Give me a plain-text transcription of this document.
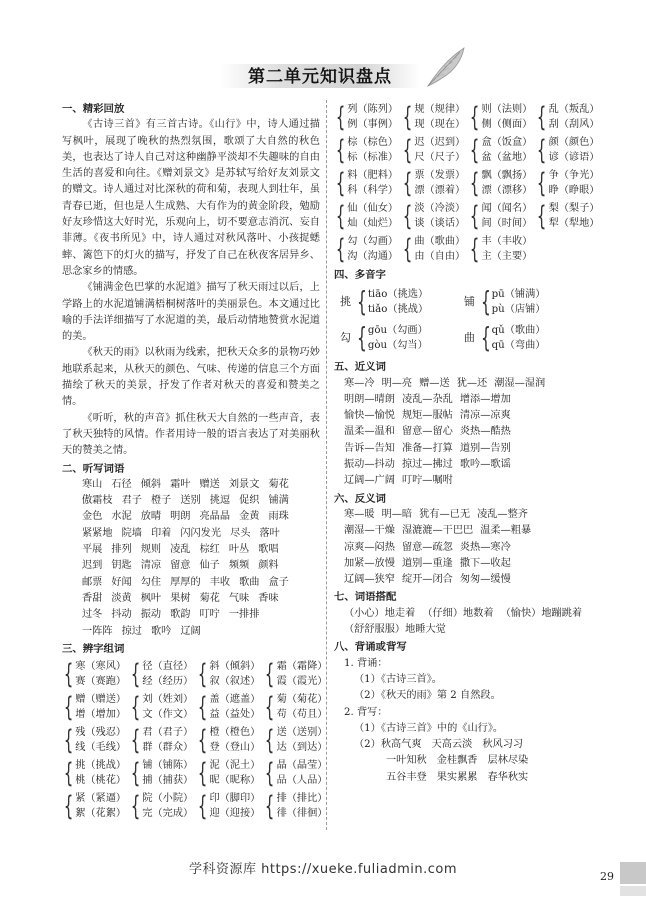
第二单元知识盘点
一、精彩回放

《古诗三首》有三首古诗。《山行》中，诗人通过描写枫叶，展现了晚秋的热烈氛围，歌颂了大自然的秋色美，也表达了诗人自己对这种幽静平淡却不失趣味的自由生活的喜爱和向往。《赠刘景文》是苏轼写给好友刘景文的赠文。诗人通过对比深秋的荷和菊，表现人到壮年，虽青春已逝，但也是人生成熟、大有作为的黄金阶段，勉励好友珍惜这大好时光，乐观向上，切不要意志消沉、妄自菲薄。《夜书所见》中，诗人通过对秋风落叶、小孩捉蟋蟀、篱笆下的灯火的描写，抒发了自己在秋夜客居异乡、思念家乡的情感。

《铺满金色巴掌的水泥道》描写了秋天雨过以后，上学路上的水泥道铺满梧桐树落叶的美丽景色。本文通过比喻的手法详细描写了水泥道的美，最后动情地赞赏水泥道的美。

《秋天的雨》以秋雨为线索，把秋天众多的景物巧妙地联系起来，从秋天的颜色、气味、传递的信息三个方面描绘了秋天的美景，抒发了作者对秋天的喜爱和赞美之情。

《听听，秋的声音》抓住秋天大自然的一些声音，表了秋天独特的风情。作者用诗一般的语言表达了对美丽秋天的赞美之情。

二、听写词语
寒山 石径 倾斜 霜叶 赠送 刘景文 菊花
傲霜枝 君子 橙子 送别 挑逗 促织 铺满
金色 水泥 放晴 明朗 亮晶晶 金黄 雨珠
紧紧地 院墙 印着 闪闪发光 尽头 落叶
平展 排列 规则 凌乱 棕红 叶丛 歌唱
迟到 钥匙 清凉 留意 仙子 频频 颜料
邮票 好闻 勾住 厚厚的 丰收 歌曲 盒子
香甜 淡黄 枫叶 果树 菊花 气味 香味
过冬 抖动 振动 歌韵 叮咛 一排排
一阵阵 掠过 歌吟 辽阔
三、辨字组词
{ 寒（寒风）
赛（赛跑） { 径（直径）
经（经历） { 斜（倾斜）
叙（叙述） { 霜（霜降）
霞（霞光）
{ 赠（赠送）
增（增加） { 刘（姓刘）
文（作文） { 盖（遮盖）
益（益处） { 菊（菊花）
苟（苟且）
{ 残（残忍）
线（毛线） { 君（君子）
群（群众） { 橙（橙色）
登（登山） { 送（送别）
达（到达）
{ 挑（挑战）
桃（桃花） { 铺（铺陈）
捕（捕获） { 泥（泥土）
昵（昵称） { 晶（晶莹）
品（人品）
{ 紧（紧逼）
絮（花絮） { 院（小院）
完（完成） { 印（脚印）
迎（迎接） { 排（排比）
徘（徘徊）
{ 列（陈列）
例（事例） { 规（规律）
现（现在） { 则（法则）
侧（侧面） { 乱（叛乱）
刮（刮风）
{ 棕（棕色）
标（标准） { 迟（迟到）
尺（尺子） { 盒（饭盒）
盆（盆地） { 颜（颜色）
谚（谚语）
{ 料（肥料）
科（科学） { 票（发票）
漂（漂着） { 飘（飘扬）
漂（漂移） { 争（争光）
睁（睁眼）
{ 仙（仙女）
灿（灿烂） { 淡（冷淡）
谈（谈话） { 闻（闻名）
间（时间） { 梨（梨子）
犁（犁地）
{ 勾（勾画）
沟（沟通） { 曲（歌曲）
由（自由） { 丰（丰收）
主（主要）
四、多音字
挑 { tiāo（挑选）
tiǎo（挑战）
铺 { pū（铺满）
pù（店铺）
勾 { gōu（勾画）
gòu（勾当）
曲 { qǔ（歌曲）
qū（弯曲）
五、近义词
寒—冷 明—亮 赠—送 犹—还 潮湿—湿润
明朗—晴朗 凌乱—杂乱 增添—增加
愉快—愉悦 规矩—服帖 清凉—凉爽
温柔—温和 留意—留心 炎热—酷热
告诉—告知 准备—打算 道别—告别
振动—抖动 掠过—拂过 歌吟—歌谣
辽阔—广阔 叮咛—嘱咐
六、反义词
寒—暖 明—暗 犹有—已无 凌乱—整齐
潮湿—干燥 湿漉漉—干巴巴 温柔—粗暴
凉爽—闷热 留意—疏忽 炎热—寒冷
加紧—放慢 道别—重逢 撒下—收起
辽阔—狭窄 绽开—闭合 匆匆—缓慢
七、词语搭配
（小心）地走着 （仔细）地数着 （愉快）地蹦跳着
（舒舒服服）地睡大觉
八、背诵或背写
1. 背诵：
（1）《古诗三首》。
（2）《秋天的雨》第 2 自然段。
2. 背写：
（1）《古诗三首》中的《山行》。
（2）秋高气爽 天高云淡 秋风习习
一叶知秋 金桂飘香 层林尽染
五谷丰登 果实累累 春华秋实
学科资源库 https://xueke.fuliadmin.com	29
